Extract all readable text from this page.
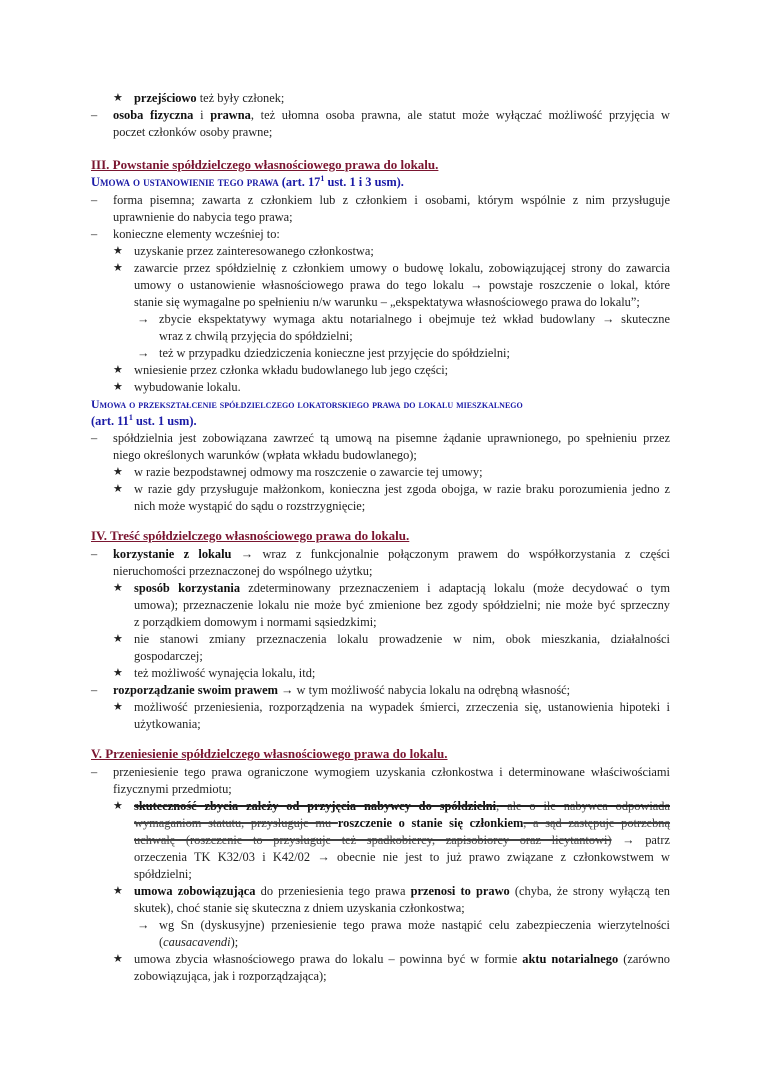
★ przejściowo też były członek;
– osoba fizyczna i prawna, też ułomna osoba prawna, ale statut może wyłączać możliwość przyjęcia w
poczet członków osoby prawne;
III. Powstanie spółdzielczego własnościowego prawa do lokalu.
Umowa o ustanowienie tego prawa (art. $17^1$ ust. 1 i 3 usm).
– forma pisemna; zawarta z członkiem lub z członkiem i osobami, którym wspólnie z nim przysługuje
uprawnienie do nabycia tego prawa;
– konieczne elementy wcześniej to:
★ uzyskanie przez zainteresowanego członkostwa;
★ zawarcie przez spółdzielnię z członkiem umowy o budowę lokalu, zobowiązującej strony do zawarcia
umowy o ustanowienie własnościowego prawa do tego lokalu → powstaje roszczenie o lokal, które
stanie się wymagalne po spełnieniu n/w warunku – „ekspektatywa własnościowego prawa do lokalu”;
→ zbycie ekspektatywy wymaga aktu notarialnego i obejmuje też wkład budowlany → skuteczne
wraz z chwilą przyjęcia do spółdzielni;
→ też w przypadku dziedziczenia konieczne jest przyjęcie do spółdzielni;
★ wniesienie przez członka wkładu budowlanego lub jego części;
★ wybudowanie lokalu.
Umowa o przekształcenie spółdzielczego lokatorskiego prawa do lokalu mieszkalnego
(art. $11^1$ ust. 1 usm).
– spółdzielnia jest zobowiązana zawrzeć tą umową na pisemne żądanie uprawnionego, po spełnieniu przez
niego określonych warunków (wpłata wkładu budowlanego);
★ w razie bezpodstawnej odmowy ma roszczenie o zawarcie tej umowy;
★ w razie gdy przysługuje małżonkom, konieczna jest zgoda obojga, w razie braku porozumienia jedno z
nich może wystąpić do sądu o rozstrzygnięcie;
IV. Treść spółdzielczego własnościowego prawa do lokalu.
– korzystanie z lokalu → wraz z funkcjonalnie połączonym prawem do współkorzystania z części
nieruchomości przeznaczonej do wspólnego użytku;
★ sposób korzystania zdeterminowany przeznaczeniem i adaptacją lokalu (może decydować o tym
umowa); przeznaczenie lokalu nie może być zmienione bez zgody spółdzielni; nie może być sprzeczny
z porządkiem domowym i normami sąsiedzkimi;
★ nie stanowi zmiany przeznaczenia lokalu prowadzenie w nim, obok mieszkania, działalności
gospodarczej;
★ też możliwość wynajęcia lokalu, itd;
– rozporządzanie swoim prawem → w tym możliwość nabycia lokalu na odrębną własność;
★ możliwość przeniesienia, rozporządzenia na wypadek śmierci, zrzeczenia się, ustanowienia hipoteki i
użytkowania;
V. Przeniesienie spółdzielczego własnościowego prawa do lokalu.
– przeniesienie tego prawa ograniczone wymogiem uzyskania członkostwa i determinowane właściwościami
fizycznymi przedmiotu;
★ skuteczność zbycia zależy od przyjęcia nabywcy do spółdzielni, ale o ile nabywca odpowiada
wymaganiom statutu, przysługuje mu roszczenie o stanie się członkiem, a sąd zastępuje potrzebną
uchwałę (roszczenie to przysługuje też spadkobiercy, zapisobiorcy oraz licytantowi) → patrz
orzeczenia TK K32/03 i K42/02 → obecnie nie jest to już prawo związane z członkowstwem w
spółdzielni;
★ umowa zobowiązująca do przeniesienia tego prawa przenosi to prawo (chyba, że strony wyłączą ten
skutek), choć stanie się skuteczna z dniem uzyskania członkostwa;
→ wg Sn (dyskusyjne) przeniesienie tego prawa może nastąpić celu zabezpieczenia wierzytelności
(causacavendi);
★ umowa zbycia własnościowego prawa do lokalu – powinna być w formie aktu notarialnego (zarówno
zobowiązująca, jak i rozporządzająca);
